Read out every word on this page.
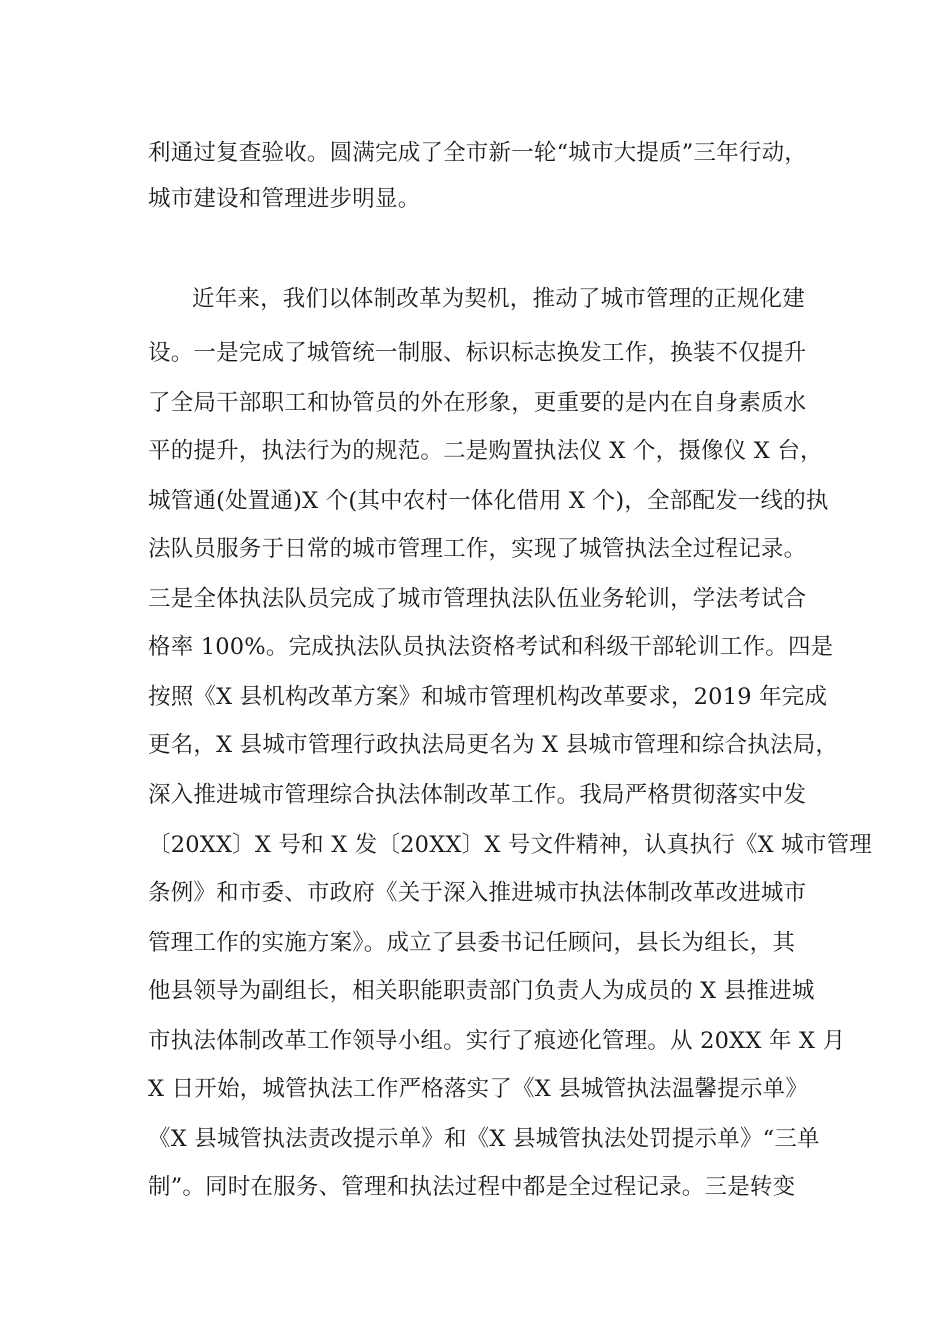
利通过复查验收。圆满完成了全市新一轮“城市大提质”三年行动，
城市建设和管理进步明显。
近年来，我们以体制改革为契机，推动了城市管理的正规化建
设。一是完成了城管统一制服、标识标志换发工作，换装不仅提升
了全局干部职工和协管员的外在形象，更重要的是内在自身素质水
平的提升，执法行为的规范。二是购置执法仪 X 个，摄像仪 X 台，
城管通(处置通)X 个(其中农村一体化借用 X 个)，全部配发一线的执
法队员服务于日常的城市管理工作，实现了城管执法全过程记录。
三是全体执法队员完成了城市管理执法队伍业务轮训，学法考试合
格率 100%。完成执法队员执法资格考试和科级干部轮训工作。四是
按照《X 县机构改革方案》和城市管理机构改革要求，2019 年完成
更名，X 县城市管理行政执法局更名为 X 县城市管理和综合执法局，
深入推进城市管理综合执法体制改革工作。我局严格贯彻落实中发
〔20XX〕X 号和 X 发〔20XX〕X 号文件精神，认真执行《X 城市管理
条例》和市委、市政府《关于深入推进城市执法体制改革改进城市
管理工作的实施方案》。成立了县委书记任顾问，县长为组长，其
他县领导为副组长，相关职能职责部门负责人为成员的 X 县推进城
市执法体制改革工作领导小组。实行了痕迹化管理。从 20XX 年 X 月
X 日开始，城管执法工作严格落实了《X 县城管执法温馨提示单》
《X 县城管执法责改提示单》和《X 县城管执法处罚提示单》“三单
制”。同时在服务、管理和执法过程中都是全过程记录。三是转变
